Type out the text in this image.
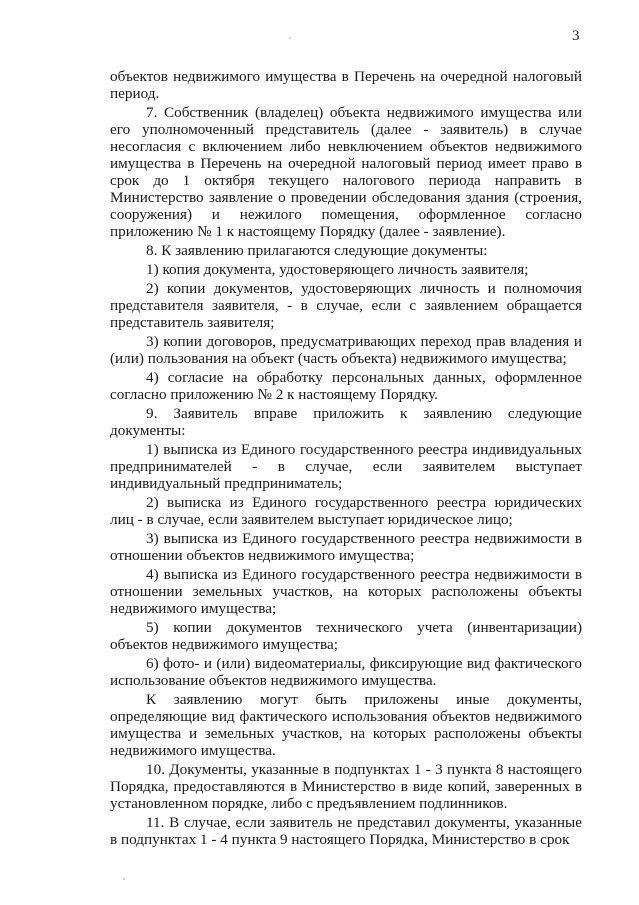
3

объектов недвижимого имущества в Перечень на очередной налоговый период.

7. Собственник (владелец) объекта недвижимого имущества или его уполномоченный представитель (далее - заявитель) в случае несогласия с включением либо невключением объектов недвижимого имущества в Перечень на очередной налоговый период имеет право в срок до 1 октября текущего налогового периода направить в Министерство заявление о проведении обследования здания (строения, сооружения) и нежилого помещения, оформленное согласно приложению № 1 к настоящему Порядку (далее - заявление).

8. К заявлению прилагаются следующие документы:

1) копия документа, удостоверяющего личность заявителя;

2) копии документов, удостоверяющих личность и полномочия представителя заявителя, - в случае, если с заявлением обращается представитель заявителя;

3) копии договоров, предусматривающих переход прав владения и (или) пользования на объект (часть объекта) недвижимого имущества;

4) согласие на обработку персональных данных, оформленное согласно приложению № 2 к настоящему Порядку.

9. Заявитель вправе приложить к заявлению следующие документы:

1) выписка из Единого государственного реестра индивидуальных предпринимателей - в случае, если заявителем выступает индивидуальный предприниматель;

2) выписка из Единого государственного реестра юридических лиц - в случае, если заявителем выступает юридическое лицо;

3) выписка из Единого государственного реестра недвижимости в отношении объектов недвижимого имущества;

4) выписка из Единого государственного реестра недвижимости в отношении земельных участков, на которых расположены объекты недвижимого имущества;

5) копии документов технического учета (инвентаризации) объектов недвижимого имущества;

6) фото- и (или) видеоматериалы, фиксирующие вид фактического использование объектов недвижимого имущества.

К заявлению могут быть приложены иные документы, определяющие вид фактического использования объектов недвижимого имущества и земельных участков, на которых расположены объекты недвижимого имущества.

10. Документы, указанные в подпунктах 1 - 3 пункта 8 настоящего Порядка, предоставляются в Министерство в виде копий, заверенных в установленном порядке, либо с предъявлением подлинников.

11. В случае, если заявитель не представил документы, указанные в подпунктах 1 - 4 пункта 9 настоящего Порядка, Министерство в срок
